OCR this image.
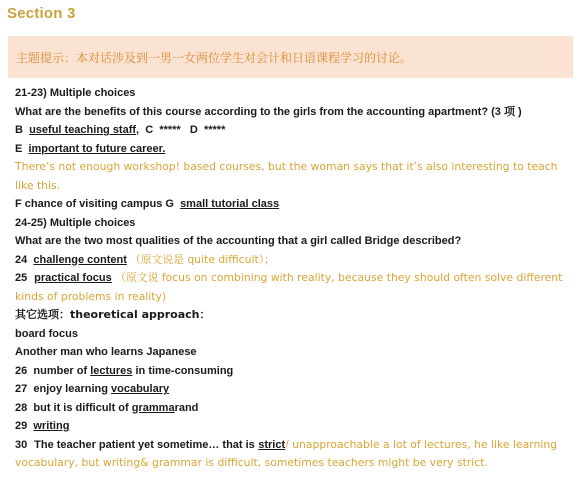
Section 3
主题提示：本对话涉及到一男一女两位学生对会计和日语课程学习的讨论。
21-23) Multiple choices
What are the benefits of this course according to the girls from the accounting apartment? (3 项 )
B useful teaching staff, C ***** D *****
E important to future career.
There’s not enough workshop! based courses, but the woman says that it’s also interesting to teach like this.
F chance of visiting campus G small tutorial class
24-25) Multiple choices
What are the two most qualities of the accounting that a girl called Bridge described?
24 challenge content （原文说是 quite difficult）；
25 practical focus （原文说 focus on combining with reality, because they should often solve different kinds of problems in reality)
其它选项：theoretical approach：
board focus
Another man who learns Japanese
26 number of lectures in time-consuming
27 enjoy learning vocabulary
28 but it is difficult of grammarand
29 writing
30 The teacher patient yet sometime… that is strict/ unapproachable a lot of lectures, he like learning vocabulary, but writing& grammar is difficult, sometimes teachers might be very strict.
